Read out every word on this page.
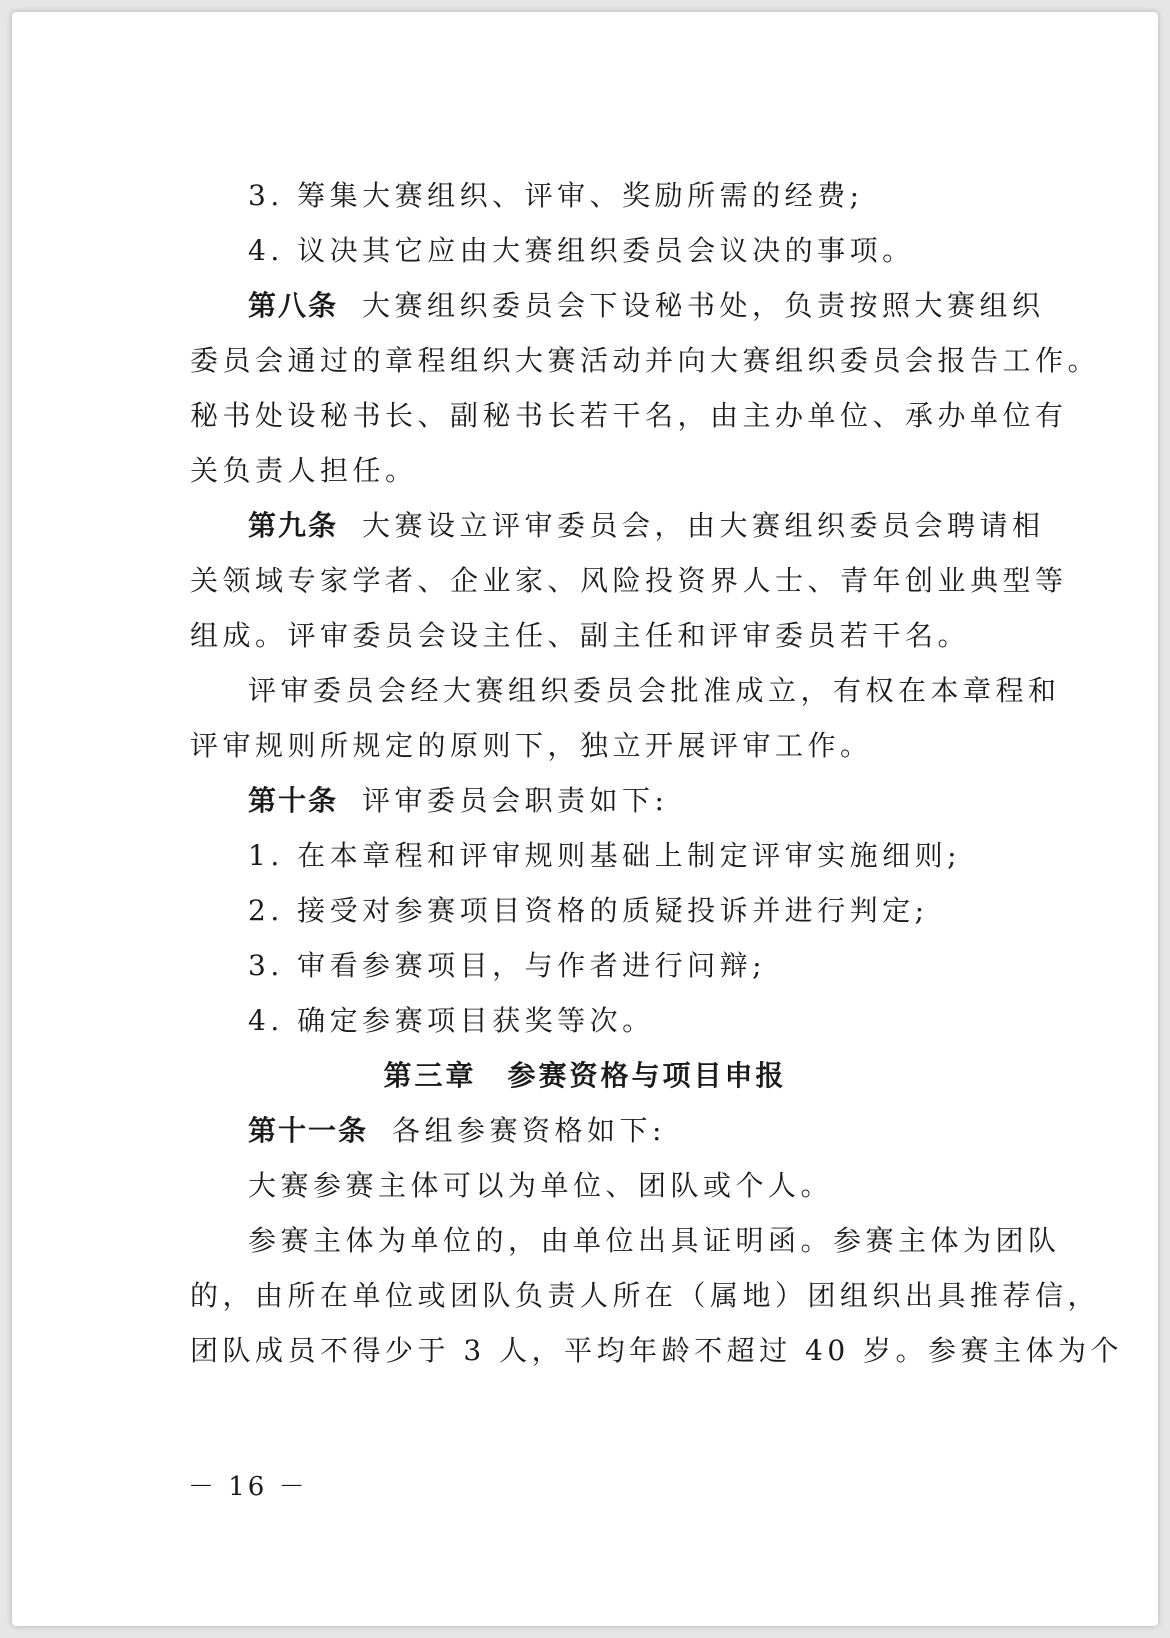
3. 筹集大赛组织、评审、奖励所需的经费;
4. 议决其它应由大赛组织委员会议决的事项。
第八条 大赛组织委员会下设秘书处，负责按照大赛组织
委员会通过的章程组织大赛活动并向大赛组织委员会报告工作。
秘书处设秘书长、副秘书长若干名，由主办单位、承办单位有
关负责人担任。
第九条 大赛设立评审委员会，由大赛组织委员会聘请相
关领域专家学者、企业家、风险投资界人士、青年创业典型等
组成。评审委员会设主任、副主任和评审委员若干名。
评审委员会经大赛组织委员会批准成立，有权在本章程和
评审规则所规定的原则下，独立开展评审工作。
第十条 评审委员会职责如下:
1. 在本章程和评审规则基础上制定评审实施细则;
2. 接受对参赛项目资格的质疑投诉并进行判定;
3. 审看参赛项目，与作者进行问辩;
4. 确定参赛项目获奖等次。
第三章　参赛资格与项目申报
第十一条 各组参赛资格如下:
大赛参赛主体可以为单位、团队或个人。
参赛主体为单位的，由单位出具证明函。参赛主体为团队
的，由所在单位或团队负责人所在（属地）团组织出具推荐信，
团队成员不得少于 3 人，平均年龄不超过 40 岁。参赛主体为个
－ 16 －
